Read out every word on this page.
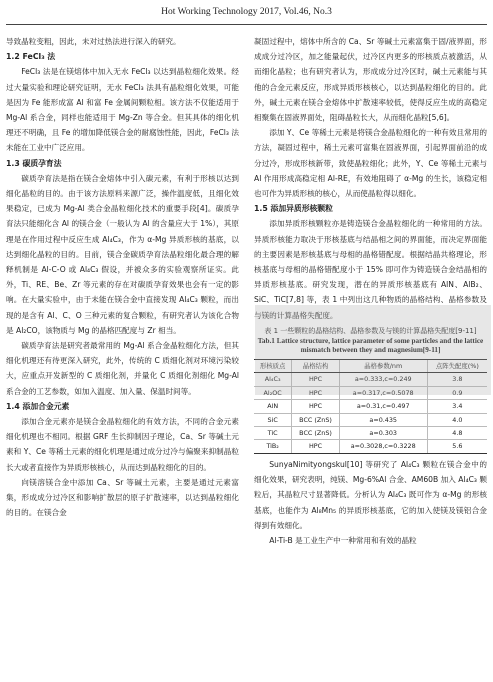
Hot Working Technology 2017, Vol.46, No.3

导致晶粒变粗，因此，未对过热法进行深入的研究。

1.2 FeCl₃ 法

FeCl₃ 法是在镁熔体中加入无水 FeCl₃ 以达到晶粒细化效果。经过大量实验和理论研究证明，无水 FeCl₃ 法具有晶粒细化效果，可能是因为 Fe 能形成富 Al 和富 Fe 金属间颗粒相。该方法不仅能适用于 Mg-Al 系合金，同样也能适用于 Mg-Zn 等合金。但其具体的细化机理还不明确，且 Fe 的增加降低镁合金的耐腐蚀性能，因此，FeCl₃ 法未能在工业中广泛应用。

1.3 碳质孕育法

碳质孕育法是指在镁合金熔体中引入碳元素，有利于形核以达到细化晶粒的目的。由于该方法原料来源广泛，操作温度低，且细化效果稳定，已成为 Mg-Al 类合金晶粒细化技术的重要手段[4]。碳质孕育法只能细化含 Al 的镁合金（一般认为 Al 的含量应大于 1%），其原理是在作用过程中反应生成 Al₄C₃，作为 α-Mg 异质形核的基底，以达到细化晶粒的目的。目前，镁合金碳质孕育法晶粒细化最合理的解释机制是 Al-C-O 或 Al₄C₃ 假设，并被众多的实验观察所证实。此外，Ti、RE、Be、Zr 等元素的存在对碳质孕育效果也会有一定的影响。在大量实验中，由于未能在镁合金中直接发现 Al₄C₃ 颗粒，而出现的是含有 Al、C、O 三种元素的复合颗粒，有研究者认为该化合物是 Al₂CO，该物质与 Mg 的晶格匹配度与 Zr 相当。

碳质孕育法是研究者最常用的 Mg-Al 系合金晶粒细化方法，但其细化机理还有待更深入研究，此外，传统的 C 质细化剂对环境污染较大，应重点开发新型的 C 质细化剂，并量化 C 质细化剂细化 Mg-Al 系合金的工艺参数，如加入温度、加入量、保温时间等。

1.4 添加合金元素

添加合金元素亦是镁合金晶粒细化的有效方法，不同的合金元素细化机理也不相同。根据 GRF 生长抑制因子理论，Ca、Sr 等碱土元素和 Y、Ce 等稀土元素的细化机理是通过成分过冷与偏聚来抑制晶粒长大或者直接作为异质形核核心，从而达到晶粒细化的目的。

向镁溶镁合金中添加 Ca、Sr 等碱土元素，主要是通过元素富集，形成成分过冷区和影响扩散层的原子扩散速率，以达到晶粒细化的目的。在镁合金

凝固过程中，熔体中所含的 Ca、Sr 等碱土元素富集于固/液界面，形成成分过冷区，加之能量起伏，过冷区内更多的形核质点被激活，从而细化晶粒；也有研究者认为，形成成分过冷区时，碱土元素能与其他的合金元素反应，形成异质形核核心，以达到晶粒细化的目的。此外，碱土元素在镁合金熔体中扩散速率较低，使得反应生成的高稳定相聚集在固液界面处，阻碍晶粒长大，从而细化晶粒[5,6]。

添加 Y、Ce 等稀土元素是将镁合金晶粒细化的一种有效且常用的方法，凝固过程中，稀土元素可富集在固液界面，引起界面前沿的成分过冷，形成形核新带，致使晶粒细化；此外，Y、Ce 等稀土元素与 Al 作用形成高稳定相 Al-RE，有效地阻碍了 α-Mg 的生长，该稳定相也可作为异质形核的核心，从而使晶粒得以细化。

1.5 添加异质形核颗粒

添加异质形核颗粒亦是铸造镁合金晶粒细化的一种常用的方法。异质形核能力取决于形核基底与结晶相之间的界面能，而决定界面能的主要因素是形核基底与母相的晶格错配度。根据结晶共格理论，形核基底与母相的晶格错配度小于 15% 即可作为铸造镁合金结晶相的异质形核基底。研究发现，潜在的异质形核基底有 AlN、AlB₂、SiC、TiC[7,8] 等，表 1 中列出这几种物质的晶格结构、晶格参数及与镁的计算晶格失配度。

表 1 一些颗粒的晶格结构、晶格参数及与镁的计算晶格失配度[9-11]
Tab.1 Lattice structure, lattice parameter of some particles and the lattice mismatch between they and magnesium[9-11]
形核质点	晶格结构	晶格参数/nm	点阵失配度(%)
Al₄C₃	HPC	a=0.333,c=0.249	3.8
Al₂OC	HPC	a=0.317,c=0.5078	0.9
AlN	HPC	a=0.31,c=0.497	3.4
SiC	BCC (ZnS)	a=0.435	4.0
TiC	BCC (ZnS)	a=0.303	4.8
TiB₂	HPC	a=0.3028,c=0.3228	5.6

SunyaNimityongskul[10] 等研究了 Al₄C₃ 颗粒在镁合金中的细化效果，研究表明，纯镁、Mg-6%Al 合金、AM60B 加入 Al₄C₃ 颗粒后，其晶粒尺寸显著降低。分析认为 Al₄C₃ 既可作为 α-Mg 的形核基底，也能作为 Al₈Mn₅ 的异质形核基底，它的加入使镁及镁铝合金得到有效细化。

Al-Ti-B 是工业生产中一种常用和有效的晶粒
